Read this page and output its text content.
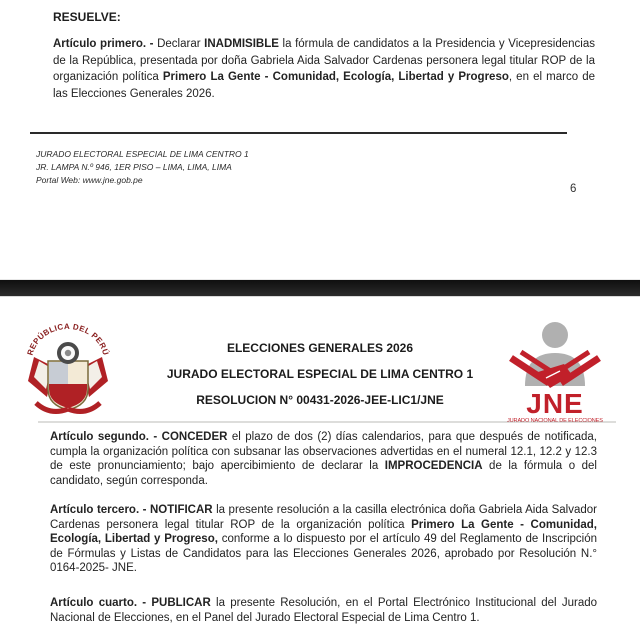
RESUELVE:
Artículo primero. - Declarar INADMISIBLE la fórmula de candidatos a la Presidencia y Vicepresidencias de la República, presentada por doña Gabriela Aida Salvador Cardenas personera legal titular ROP de la organización política Primero La Gente - Comunidad, Ecología, Libertad y Progreso, en el marco de las Elecciones Generales 2026.
JURADO ELECTORAL ESPECIAL DE LIMA CENTRO 1
JR. LAMPA N.º 946, 1ER PISO – LIMA, LIMA, LIMA
Portal Web: www.jne.gob.pe
6
REPÚBLICA DEL PERÚ	ELECCIONES GENERALES 2026
JURADO ELECTORAL ESPECIAL DE LIMA CENTRO 1
RESOLUCION N° 00431-2026-JEE-LIC1/JNE	JNE
JURADO NACIONAL DE ELECCIONES
Artículo segundo. - CONCEDER el plazo de dos (2) días calendarios, para que después de notificada, cumpla la organización política con subsanar las observaciones advertidas en el numeral 12.1, 12.2 y 12.3 de este pronunciamiento; bajo apercibimiento de declarar la IMPROCEDENCIA de la fórmula o del candidato, según corresponda.
Artículo tercero. - NOTIFICAR la presente resolución a la casilla electrónica doña Gabriela Aida Salvador Cardenas personera legal titular ROP de la organización política Primero La Gente - Comunidad, Ecología, Libertad y Progreso, conforme a lo dispuesto por el artículo 49 del Reglamento de Inscripción de Fórmulas y Listas de Candidatos para las Elecciones Generales 2026, aprobado por Resolución N.° 0164-2025- JNE.
Artículo cuarto. - PUBLICAR la presente Resolución, en el Portal Electrónico Institucional del Jurado Nacional de Elecciones, en el Panel del Jurado Electoral Especial de Lima Centro 1.
